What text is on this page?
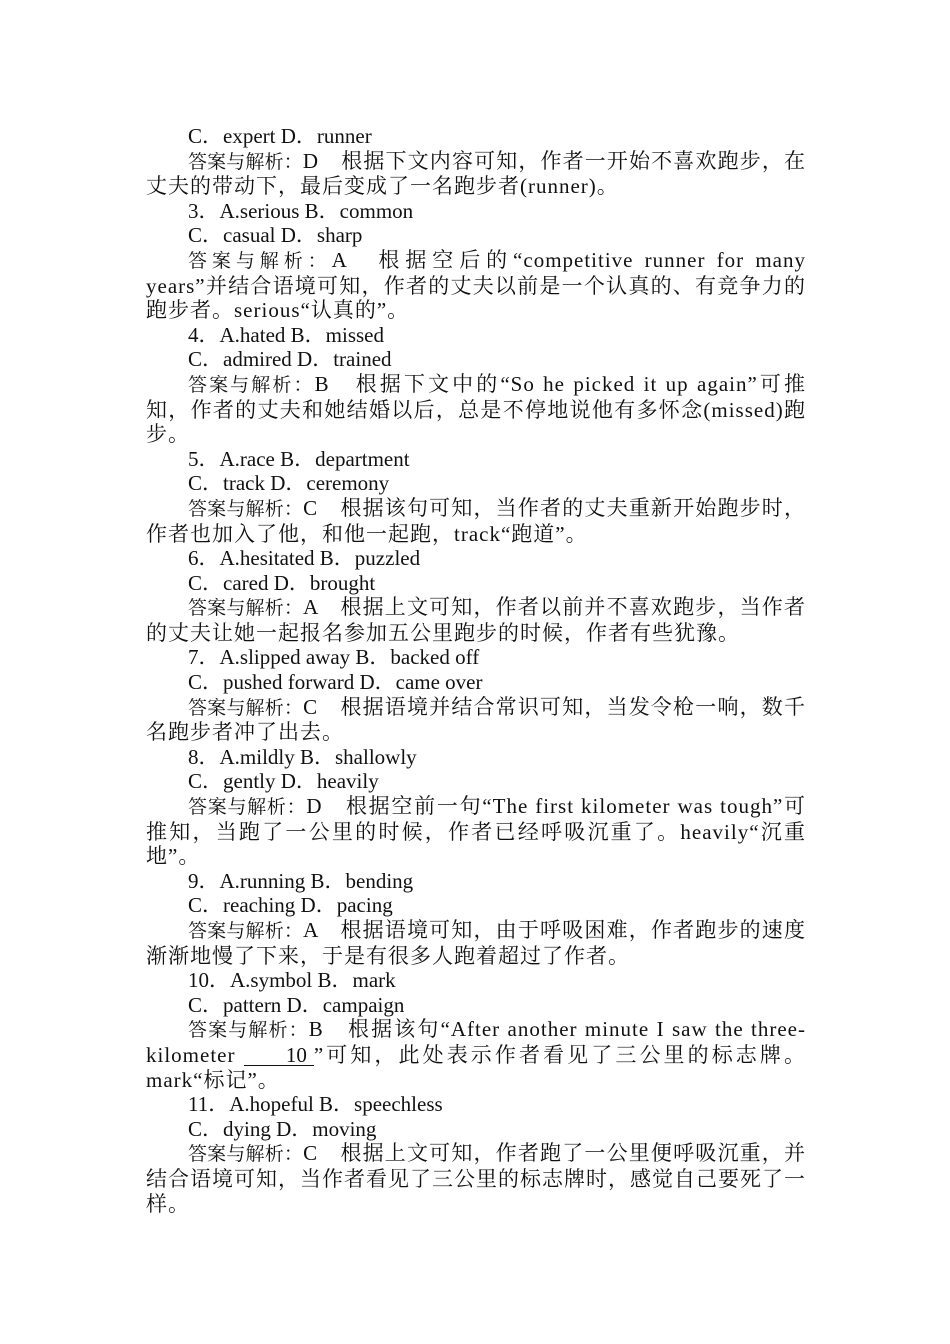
C．expert D．runner
答案与解析：D　根据下文内容可知，作者一开始不喜欢跑步，在丈夫的带动下，最后变成了一名跑步者(runner)。
3．A.serious B．common
C．casual D．sharp
答案与解析：A　根据空后的“competitive runner for many years”并结合语境可知，作者的丈夫以前是一个认真的、有竞争力的跑步者。serious“认真的”。
4．A.hated B．missed
C．admired D．trained
答案与解析：B　根据下文中的“So he picked it up again”可推知，作者的丈夫和她结婚以后，总是不停地说他有多怀念(missed)跑步。
5．A.race B．department
C．track D．ceremony
答案与解析：C　根据该句可知，当作者的丈夫重新开始跑步时，作者也加入了他，和他一起跑，track“跑道”。
6．A.hesitated B．puzzled
C．cared D．brought
答案与解析：A　根据上文可知，作者以前并不喜欢跑步，当作者的丈夫让她一起报名参加五公里跑步的时候，作者有些犹豫。
7．A.slipped away B．backed off
C．pushed forward D．came over
答案与解析：C　根据语境并结合常识可知，当发令枪一响，数千名跑步者冲了出去。
8．A.mildly B．shallowly
C．gently D．heavily
答案与解析：D　根据空前一句“The first kilometer was tough”可推知，当跑了一公里的时候，作者已经呼吸沉重了。heavily“沉重地”。
9．A.running B．bending
C．reaching D．pacing
答案与解析：A　根据语境可知，由于呼吸困难，作者跑步的速度渐渐地慢了下来，于是有很多人跑着超过了作者。
10．A.symbol B．mark
C．pattern D．campaign
答案与解析：B　根据该句“After another minute I saw the three-kilometer 10 ”可知，此处表示作者看见了三公里的标志牌。mark“标记”。
11．A.hopeful B．speechless
C．dying D．moving
答案与解析：C　根据上文可知，作者跑了一公里便呼吸沉重，并结合语境可知，当作者看见了三公里的标志牌时，感觉自己要死了一样。
